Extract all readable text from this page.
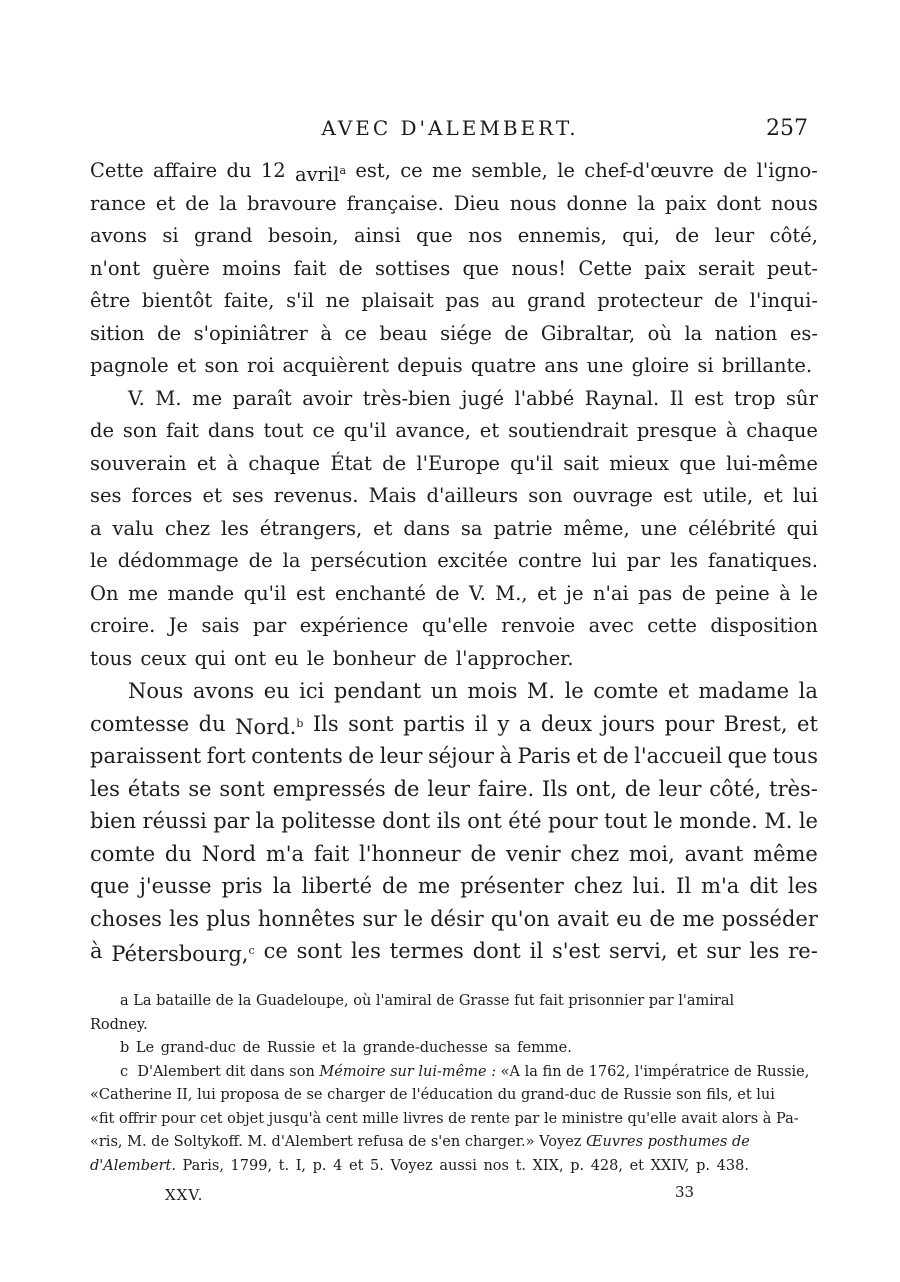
AVEC D'ALEMBERT.	257
Cette affaire du 12 avril$^a$ est, ce me semble, le chef-d'œuvre de l'igno-
rance et de la bravoure française. Dieu nous donne la paix dont nous
avons si grand besoin, ainsi que nos ennemis, qui, de leur côté,
n'ont guère moins fait de sottises que nous! Cette paix serait peut-
être bientôt faite, s'il ne plaisait pas au grand protecteur de l'inqui-
sition de s'opiniâtrer à ce beau siége de Gibraltar, où la nation es-
pagnole et son roi acquièrent depuis quatre ans une gloire si brillante.
V. M. me paraît avoir très-bien jugé l'abbé Raynal. Il est trop sûr
de son fait dans tout ce qu'il avance, et soutiendrait presque à chaque
souverain et à chaque État de l'Europe qu'il sait mieux que lui-même
ses forces et ses revenus. Mais d'ailleurs son ouvrage est utile, et lui
a valu chez les étrangers, et dans sa patrie même, une célébrité qui
le dédommage de la persécution excitée contre lui par les fanatiques.
On me mande qu'il est enchanté de V. M., et je n'ai pas de peine à le
croire. Je sais par expérience qu'elle renvoie avec cette disposition
tous ceux qui ont eu le bonheur de l'approcher.
Nous avons eu ici pendant un mois M. le comte et madame la
comtesse du Nord.$^b$ Ils sont partis il y a deux jours pour Brest, et
paraissent fort contents de leur séjour à Paris et de l'accueil que tous
les états se sont empressés de leur faire. Ils ont, de leur côté, très-
bien réussi par la politesse dont ils ont été pour tout le monde. M. le
comte du Nord m'a fait l'honneur de venir chez moi, avant même
que j'eusse pris la liberté de me présenter chez lui. Il m'a dit les
choses les plus honnêtes sur le désir qu'on avait eu de me posséder
à Pétersbourg,$^c$ ce sont les termes dont il s'est servi, et sur les re-
a La bataille de la Guadeloupe, où l'amiral de Grasse fut fait prisonnier par l'amiral
Rodney.
b Le grand-duc de Russie et la grande-duchesse sa femme.
c  D'Alembert dit dans son Mémoire sur lui-même : «A la fin de 1762, l'impératrice de Russie,
«Catherine II, lui proposa de se charger de l'éducation du grand-duc de Russie son fils, et lui
«fit offrir pour cet objet jusqu'à cent mille livres de rente par le ministre qu'elle avait alors à Pa-
«ris, M. de Soltykoff. M. d'Alembert refusa de s'en charger.» Voyez Œuvres posthumes de
d'Alembert. Paris, 1799, t. I, p. 4 et 5. Voyez aussi nos t. XIX, p. 428, et XXIV, p. 438.
XXV.	33
